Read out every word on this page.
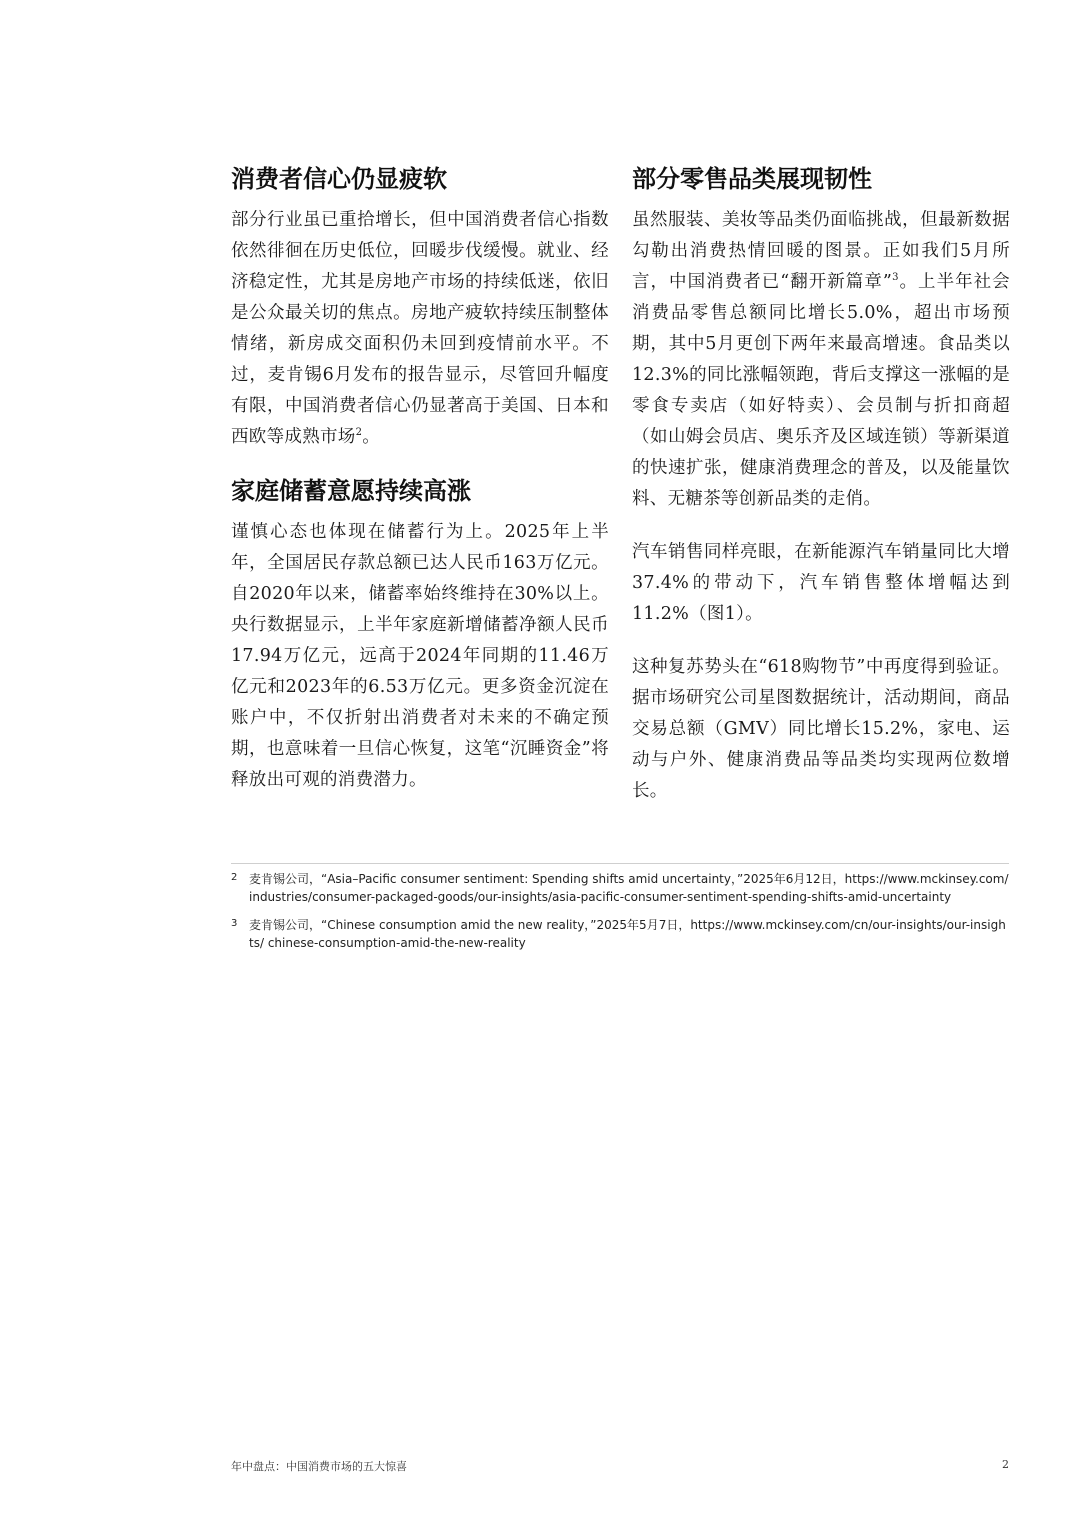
消费者信心仍显疲软

部分行业虽已重拾增长，但中国消费者信心指数依然徘徊在历史低位，回暖步伐缓慢。就业、经济稳定性，尤其是房地产市场的持续低迷，依旧是公众最关切的焦点。房地产疲软持续压制整体情绪，新房成交面积仍未回到疫情前水平。不过，麦肯锡6月发布的报告显示，尽管回升幅度有限，中国消费者信心仍显著高于美国、日本和西欧等成熟市场$^2$。

家庭储蓄意愿持续高涨

谨慎心态也体现在储蓄行为上。2025年上半年，全国居民存款总额已达人民币163万亿元。自2020年以来，储蓄率始终维持在30%以上。央行数据显示，上半年家庭新增储蓄净额人民币17.94万亿元，远高于2024年同期的11.46万亿元和2023年的6.53万亿元。更多资金沉淀在账户中，不仅折射出消费者对未来的不确定预期，也意味着一旦信心恢复，这笔“沉睡资金”将释放出可观的消费潜力。

部分零售品类展现韧性

虽然服装、美妆等品类仍面临挑战，但最新数据勾勒出消费热情回暖的图景。正如我们5月所言，中国消费者已“翻开新篇章”$^3$。上半年社会消费品零售总额同比增长5.0%，超出市场预期，其中5月更创下两年来最高增速。食品类以12.3%的同比涨幅领跑，背后支撑这一涨幅的是零食专卖店（如好特卖）、会员制与折扣商超（如山姆会员店、奥乐齐及区域连锁）等新渠道的快速扩张，健康消费理念的普及，以及能量饮料、无糖茶等创新品类的走俏。

汽车销售同样亮眼，在新能源汽车销量同比大增37.4%的带动下，汽车销售整体增幅达到11.2%（图1）。

这种复苏势头在“618购物节”中再度得到验证。据市场研究公司星图数据统计，活动期间，商品交易总额（GMV）同比增长15.2%，家电、运动与户外、健康消费品等品类均实现两位数增长。

2 麦肯锡公司，“Asia–Pacific consumer sentiment: Spending shifts amid uncertainty，”2025年6月12日，https://www.mckinsey.com/ industries/consumer-packaged-goods/our-insights/asia-pacific-consumer-sentiment-spending-shifts-amid-uncertainty
3 麦肯锡公司，“Chinese consumption amid the new reality，”2025年5月7日，https://www.mckinsey.com/cn/our-insights/our-insights/ chinese-consumption-amid-the-new-reality
年中盘点：中国消费市场的五大惊喜	2
